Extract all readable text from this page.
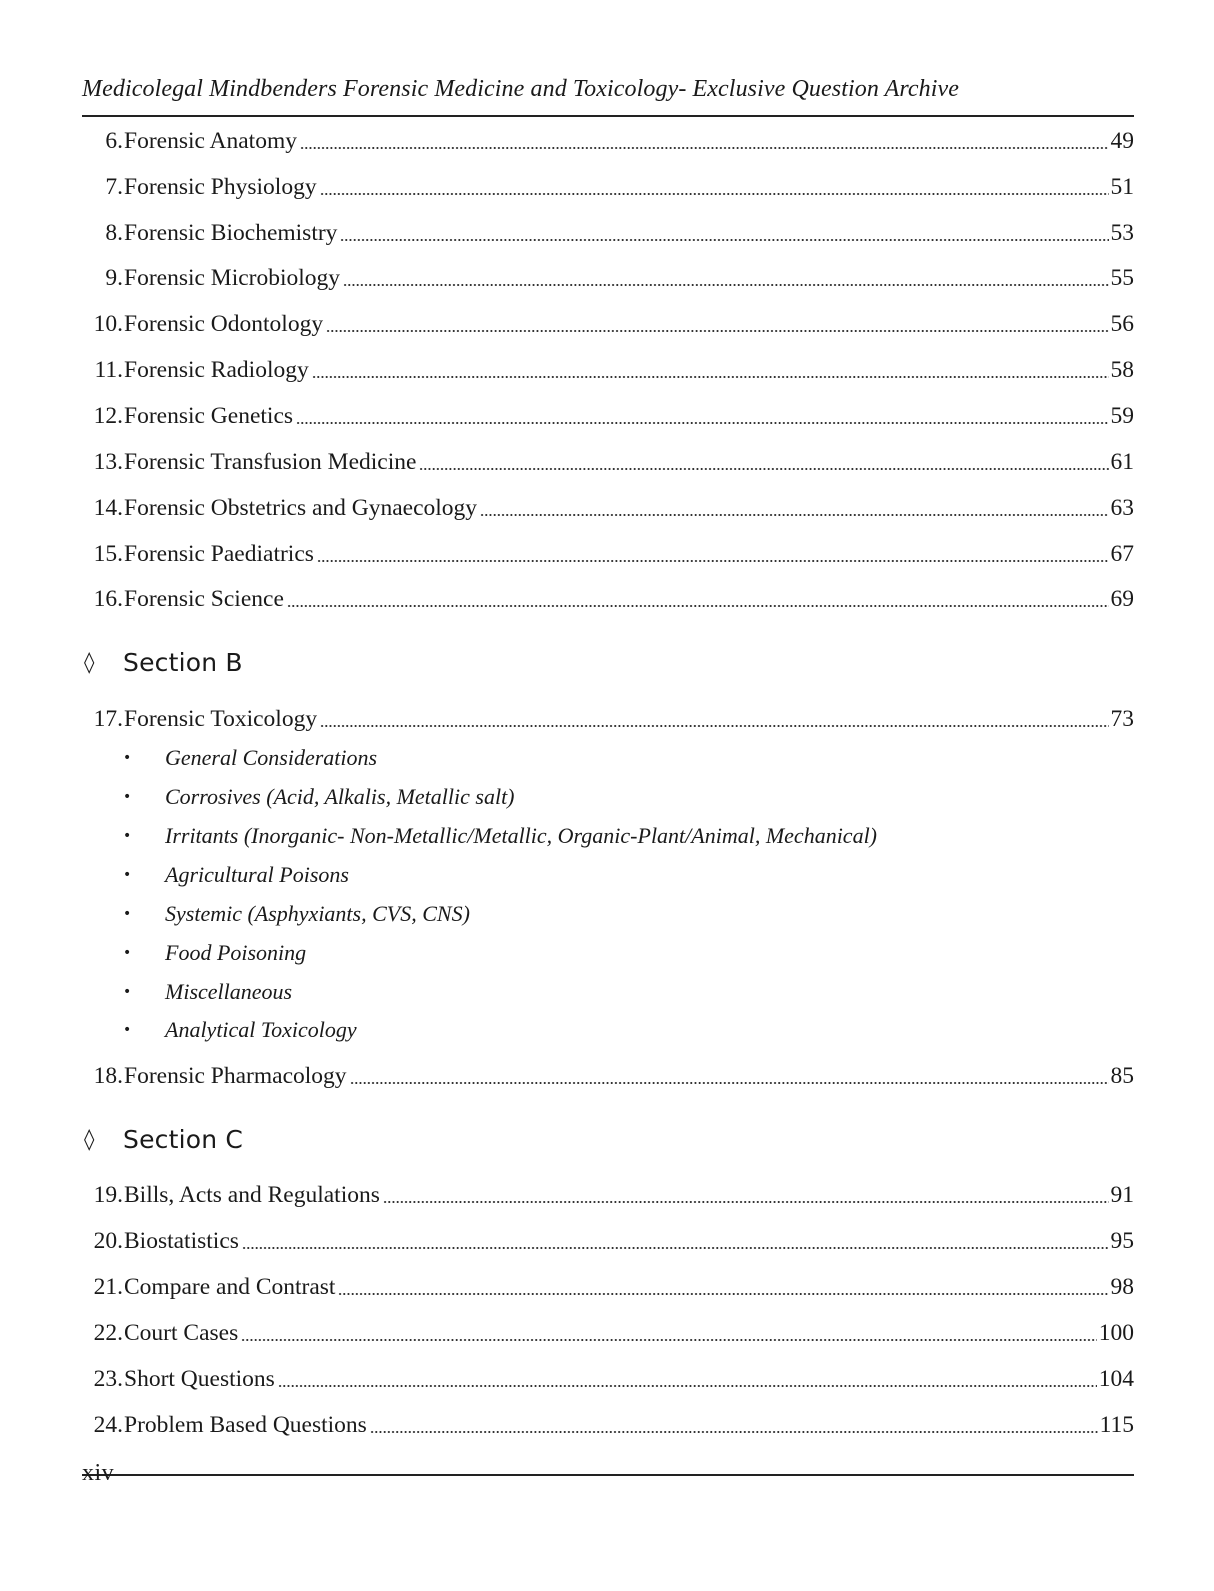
Medicolegal Mindbenders Forensic Medicine and Toxicology- Exclusive Question Archive
6. Forensic Anatomy	49
7. Forensic Physiology	51
8. Forensic Biochemistry	53
9. Forensic Microbiology	55
10. Forensic Odontology	56
11. Forensic Radiology	58
12. Forensic Genetics	59
13. Forensic Transfusion Medicine	61
14. Forensic Obstetrics and Gynaecology	63
15. Forensic Paediatrics	67
16. Forensic Science	69
◊	Section B
17. Forensic Toxicology	73
•	General Considerations
•	Corrosives (Acid, Alkalis, Metallic salt)
•	Irritants (Inorganic- Non-Metallic/Metallic, Organic-Plant/Animal, Mechanical)
•	Agricultural Poisons
•	Systemic (Asphyxiants, CVS, CNS)
•	Food Poisoning
•	Miscellaneous
•	Analytical Toxicology
18. Forensic Pharmacology	85
◊	Section C
19. Bills, Acts and Regulations	91
20. Biostatistics	95
21. Compare and Contrast	98
22. Court Cases	100
23. Short Questions	104
24. Problem Based Questions	115
xiv
